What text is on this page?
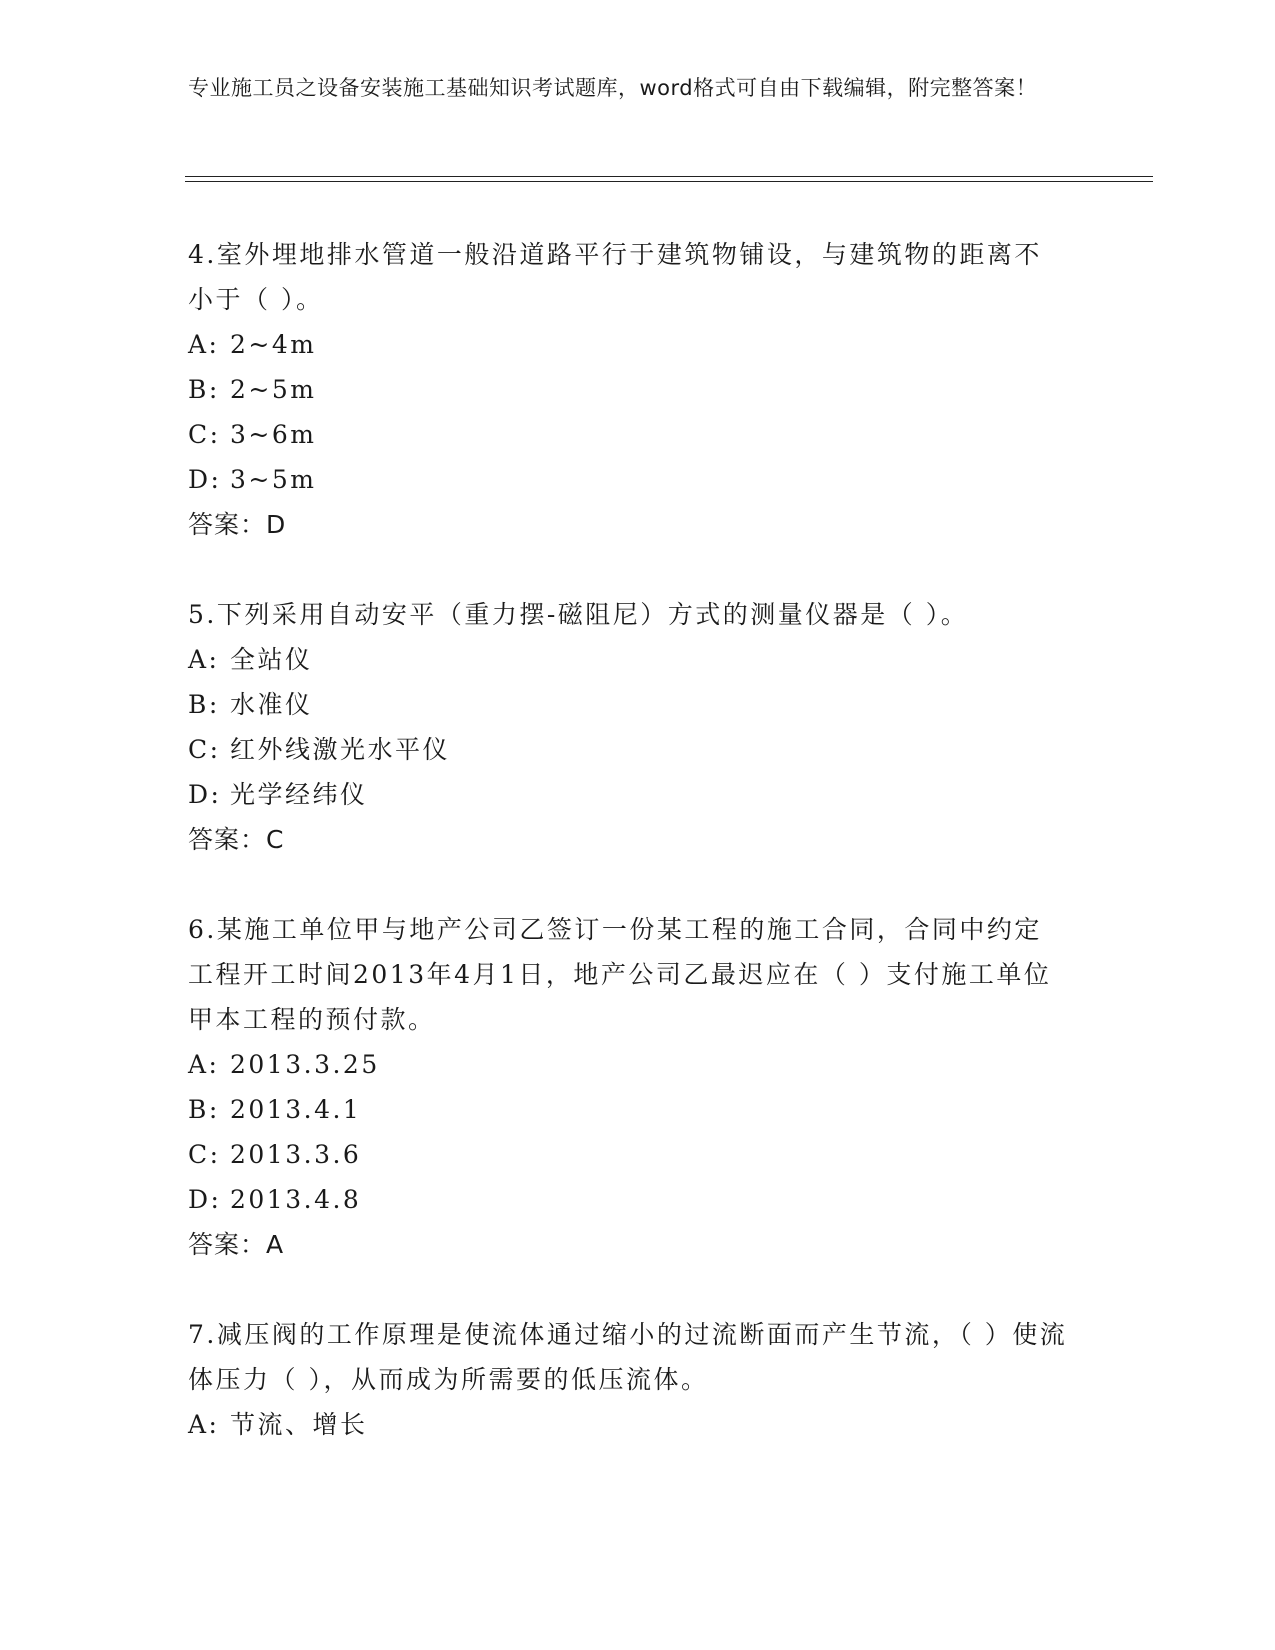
专业施工员之设备安装施工基础知识考试题库，word格式可自由下载编辑，附完整答案！

4.室外埋地排水管道一般沿道路平行于建筑物铺设，与建筑物的距离不小于（ ）。

A: 2~4m
B: 2~5m
C: 3~6m
D: 3~5m
答案：D

5.下列采用自动安平（重力摆-磁阻尼）方式的测量仪器是（ ）。

A: 全站仪
B: 水准仪
C: 红外线激光水平仪
D: 光学经纬仪
答案：C

6.某施工单位甲与地产公司乙签订一份某工程的施工合同，合同中约定工程开工时间2013年4月1日，地产公司乙最迟应在（ ）支付施工单位甲本工程的预付款。

A: 2013.3.25
B: 2013.4.1
C: 2013.3.6
D: 2013.4.8
答案：A

7.减压阀的工作原理是使流体通过缩小的过流断面而产生节流，（ ）使流体压力（ ），从而成为所需要的低压流体。

A: 节流、增长
